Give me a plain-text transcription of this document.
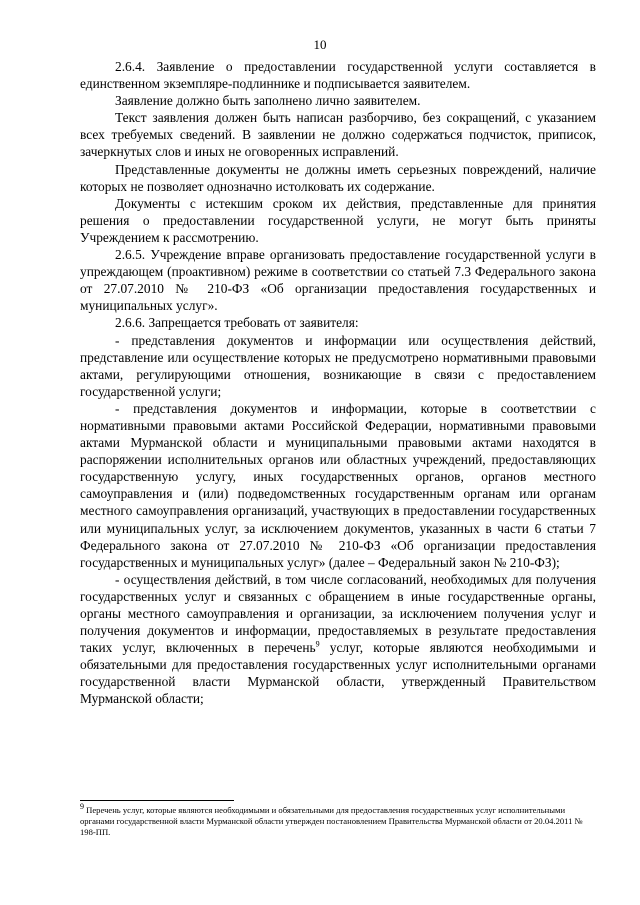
10

2.6.4. Заявление о предоставлении государственной услуги составляется в единственном экземпляре-подлиннике и подписывается заявителем.

Заявление должно быть заполнено лично заявителем.

Текст заявления должен быть написан разборчиво, без сокращений, с указанием всех требуемых сведений. В заявлении не должно содержаться подчисток, приписок, зачеркнутых слов и иных не оговоренных исправлений.

Представленные документы не должны иметь серьезных повреждений, наличие которых не позволяет однозначно истолковать их содержание.

Документы с истекшим сроком их действия, представленные для принятия решения о предоставлении государственной услуги, не могут быть приняты Учреждением к рассмотрению.

2.6.5. Учреждение вправе организовать предоставление государственной услуги в упреждающем (проактивном) режиме в соответствии со статьей 7.3 Федерального закона от 27.07.2010 № 210-ФЗ «Об организации предоставления государственных и муниципальных услуг».

2.6.6. Запрещается требовать от заявителя:

- представления документов и информации или осуществления действий, представление или осуществление которых не предусмотрено нормативными правовыми актами, регулирующими отношения, возникающие в связи с предоставлением государственной услуги;

- представления документов и информации, которые в соответствии с нормативными правовыми актами Российской Федерации, нормативными правовыми актами Мурманской области и муниципальными правовыми актами находятся в распоряжении исполнительных органов или областных учреждений, предоставляющих государственную услугу, иных государственных органов, органов местного самоуправления и (или) подведомственных государственным органам или органам местного самоуправления организаций, участвующих в предоставлении государственных или муниципальных услуг, за исключением документов, указанных в части 6 статьи 7 Федерального закона от 27.07.2010 № 210-ФЗ «Об организации предоставления государственных и муниципальных услуг» (далее – Федеральный закон № 210-ФЗ);

- осуществления действий, в том числе согласований, необходимых для получения государственных услуг и связанных с обращением в иные государственные органы, органы местного самоуправления и организации, за исключением получения услуг и получения документов и информации, предоставляемых в результате предоставления таких услуг, включенных в перечень$^9$ услуг, которые являются необходимыми и обязательными для предоставления государственных услуг исполнительными органами государственной власти Мурманской области, утвержденный Правительством Мурманской области;

$^9$ Перечень услуг, которые являются необходимыми и обязательными для предоставления государственных услуг исполнительными органами государственной власти Мурманской области утвержден постановлением Правительства Мурманской области от 20.04.2011 № 198-ПП.
